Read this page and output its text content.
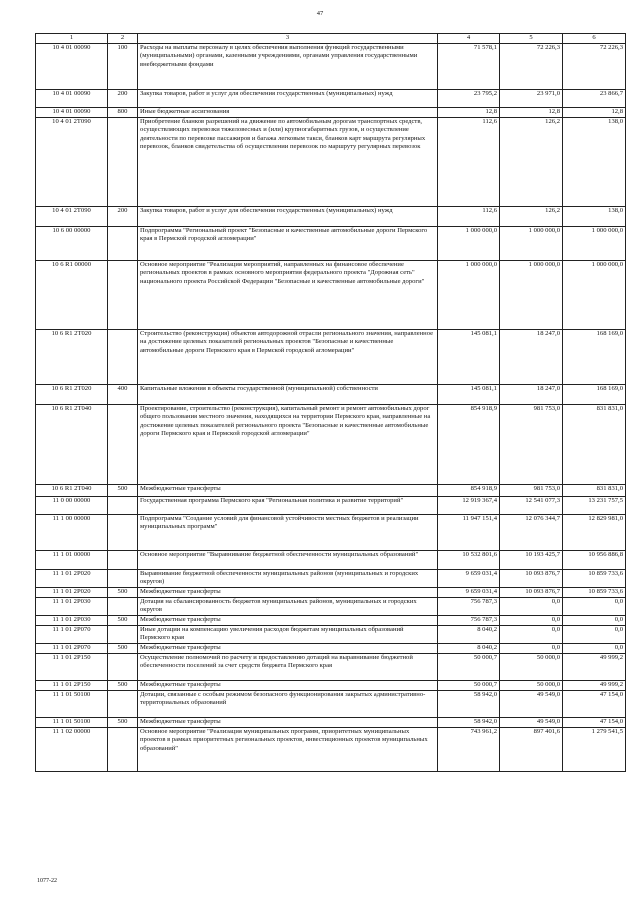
47
1	2	3	4	5	6
10 4 01 00090	100	Расходы на выплаты персоналу в целях обеспечения выполнения функций государственными (муниципальными) органами, казенными учреждениями, органами управления государственными внебюджетными фондами	71 578,1	72 226,3	72 226,3
10 4 01 00090	200	Закупка товаров, работ и услуг для обеспечения государственных (муниципальных) нужд	23 795,2	23 971,0	23 866,7
10 4 01 00090	800	Иные бюджетные ассигнования	12,8	12,8	12,8
10 4 01 2T090		Приобретение бланков разрешений на движение по автомобильным дорогам транспортных средств, осуществляющих перевозки тяжеловесных и (или) крупногабаритных грузов, и осуществление деятельности по перевозке пассажиров и багажа легковым такси, бланков карт маршрута регулярных перевозок, бланков свидетельства об осуществлении перевозок по маршруту регулярных перевозок	112,6	126,2	138,0
10 4 01 2T090	200	Закупка товаров, работ и услуг для обеспечения государственных (муниципальных) нужд	112,6	126,2	138,0
10 6 00 00000		Подпрограмма "Региональный проект "Безопасные и качественные автомобильные дороги Пермского края в Пермской городской агломерации"	1 000 000,0	1 000 000,0	1 000 000,0
10 6 R1 00000		Основное мероприятие "Реализация мероприятий, направленных на финансовое обеспечение региональных проектов в рамках основного мероприятия федерального проекта "Дорожная сеть" национального проекта Российской Федерации "Безопасные и качественные автомобильные дороги"	1 000 000,0	1 000 000,0	1 000 000,0
10 6 R1 2T020		Строительство (реконструкция) объектов автодорожной отрасли регионального значения, направленное на достижение целевых показателей региональных проектов "Безопасные и качественные автомобильные дороги Пермского края в Пермской городской агломерации"	145 081,1	18 247,0	168 169,0
10 6 R1 2T020	400	Капитальные вложения в объекты государственной (муниципальной) собственности	145 081,1	18 247,0	168 169,0
10 6 R1 2T040		Проектирование, строительство (реконструкция), капитальный ремонт и ремонт автомобильных дорог общего пользования местного значения, находящихся на территории Пермского края, направленные на достижение целевых показателей регионального проекта "Безопасные и качественные автомобильные дороги Пермского края и Пермской городской агломерации"	854 918,9	981 753,0	831 831,0
10 6 R1 2T040	500	Межбюджетные трансферты	854 918,9	981 753,0	831 831,0
11 0 00 00000		Государственная программа Пермского края "Региональная политика и развитие территорий"	12 919 367,4	12 541 077,3	13 231 757,5
11 1 00 00000		Подпрограмма "Создание условий для финансовой устойчивости местных бюджетов и реализации муниципальных программ"	11 947 151,4	12 076 344,7	12 829 981,0
11 1 01 00000		Основное мероприятие "Выравнивание бюджетной обеспеченности муниципальных образований"	10 532 801,6	10 193 425,7	10 956 886,8
11 1 01 2P020		Выравнивание бюджетной обеспеченности муниципальных районов (муниципальных и городских округов)	9 659 031,4	10 093 876,7	10 859 733,6
11 1 01 2P020	500	Межбюджетные трансферты	9 659 031,4	10 093 876,7	10 859 733,6
11 1 01 2P030		Дотация на сбалансированность бюджетов муниципальных районов, муниципальных и городских округов	756 787,3	0,0	0,0
11 1 01 2P030	500	Межбюджетные трансферты	756 787,3	0,0	0,0
11 1 01 2P070		Иные дотации на компенсацию увеличения расходов бюджетам муниципальных образований Пермского края	8 040,2	0,0	0,0
11 1 01 2P070	500	Межбюджетные трансферты	8 040,2	0,0	0,0
11 1 01 2P150		Осуществление полномочий по расчету и предоставлению дотаций на выравнивание бюджетной обеспеченности поселений за счет средств бюджета Пермского края	50 000,7	50 000,0	49 999,2
11 1 01 2P150	500	Межбюджетные трансферты	50 000,7	50 000,0	49 999,2
11 1 01 50100		Дотации, связанные с особым режимом безопасного функционирования закрытых административно-территориальных образований	58 942,0	49 549,0	47 154,0
11 1 01 50100	500	Межбюджетные трансферты	58 942,0	49 549,0	47 154,0
11 1 02 00000		Основное мероприятие "Реализация муниципальных программ, приоритетных муниципальных проектов в рамках приоритетных региональных проектов, инвестиционных проектов муниципальных образований"	743 961,2	897 401,6	1 279 541,5
1077-22
